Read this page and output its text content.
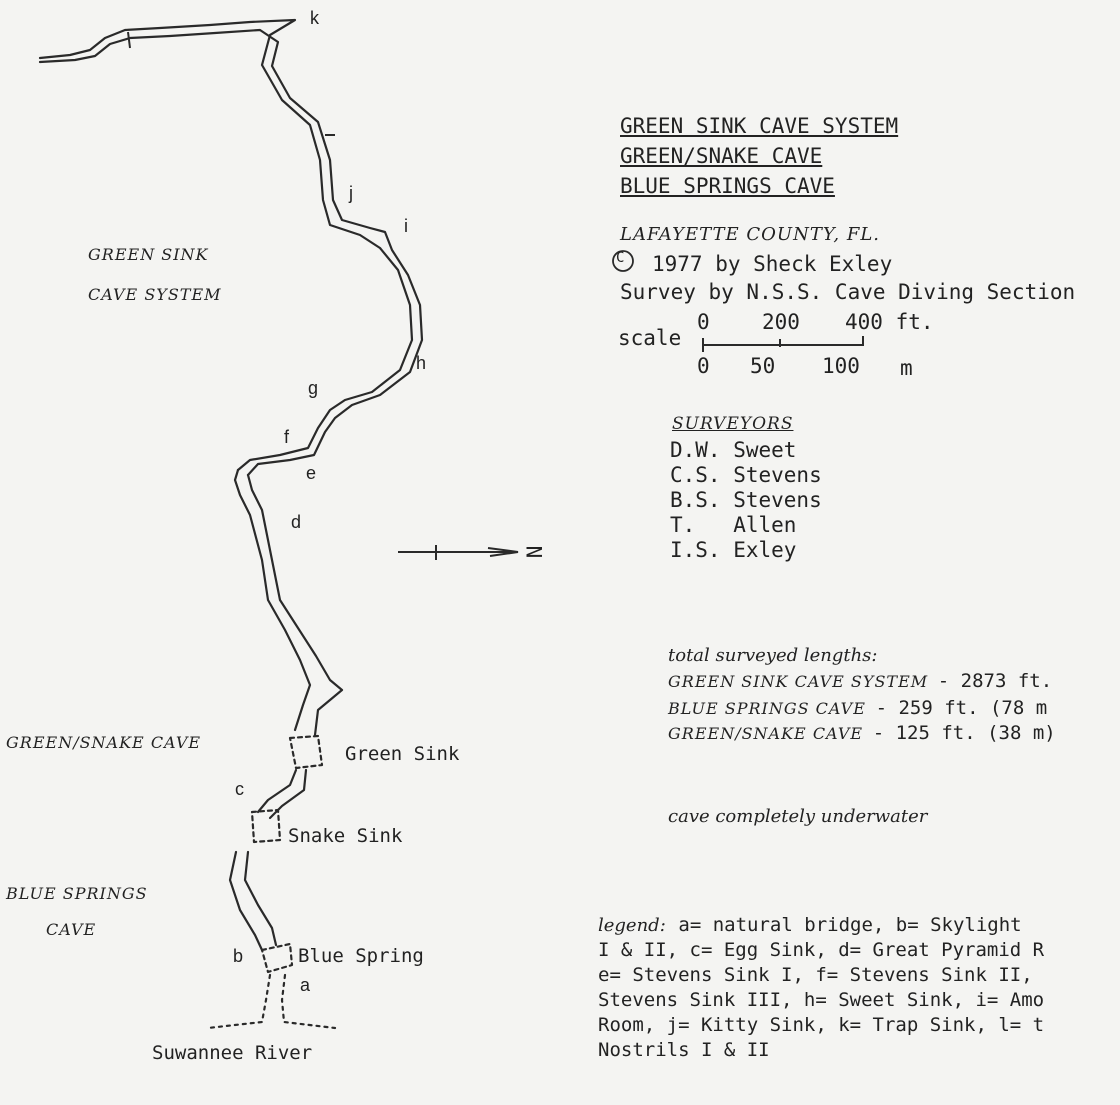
GREEN SINK CAVE SYSTEM
GREEN/SNAKE CAVE
BLUE SPRINGS CAVE
LAFAYETTE COUNTY, FL.
C 1977 by Sheck Exley
Survey by N.S.S. Cave Diving Section
scale
0 200 400 ft.
0 50 100 m
SURVEYORS
D.W. Sweet
C.S. Stevens
B.S. Stevens
T.   Allen
I.S. Exley
N
total surveyed lengths:
GREEN SINK CAVE SYSTEM - 2873 ft.
BLUE SPRINGS CAVE - 259 ft. (78 m
GREEN/SNAKE CAVE - 125 ft. (38 m)
cave completely underwater
legend: a= natural bridge, b= Skylight
I & II, c= Egg Sink, d= Great Pyramid R
e= Stevens Sink I, f= Stevens Sink II,
Stevens Sink III, h= Sweet Sink, i= Amo
Room, j= Kitty Sink, k= Trap Sink, l= t
Nostrils I & II
GREEN SINK
CAVE SYSTEM
GREEN/SNAKE CAVE
BLUE SPRINGS
CAVE
Green Sink
Snake Sink
Blue Spring
Suwannee River
k
j
i
h
g
f
e
d
c
b
a
